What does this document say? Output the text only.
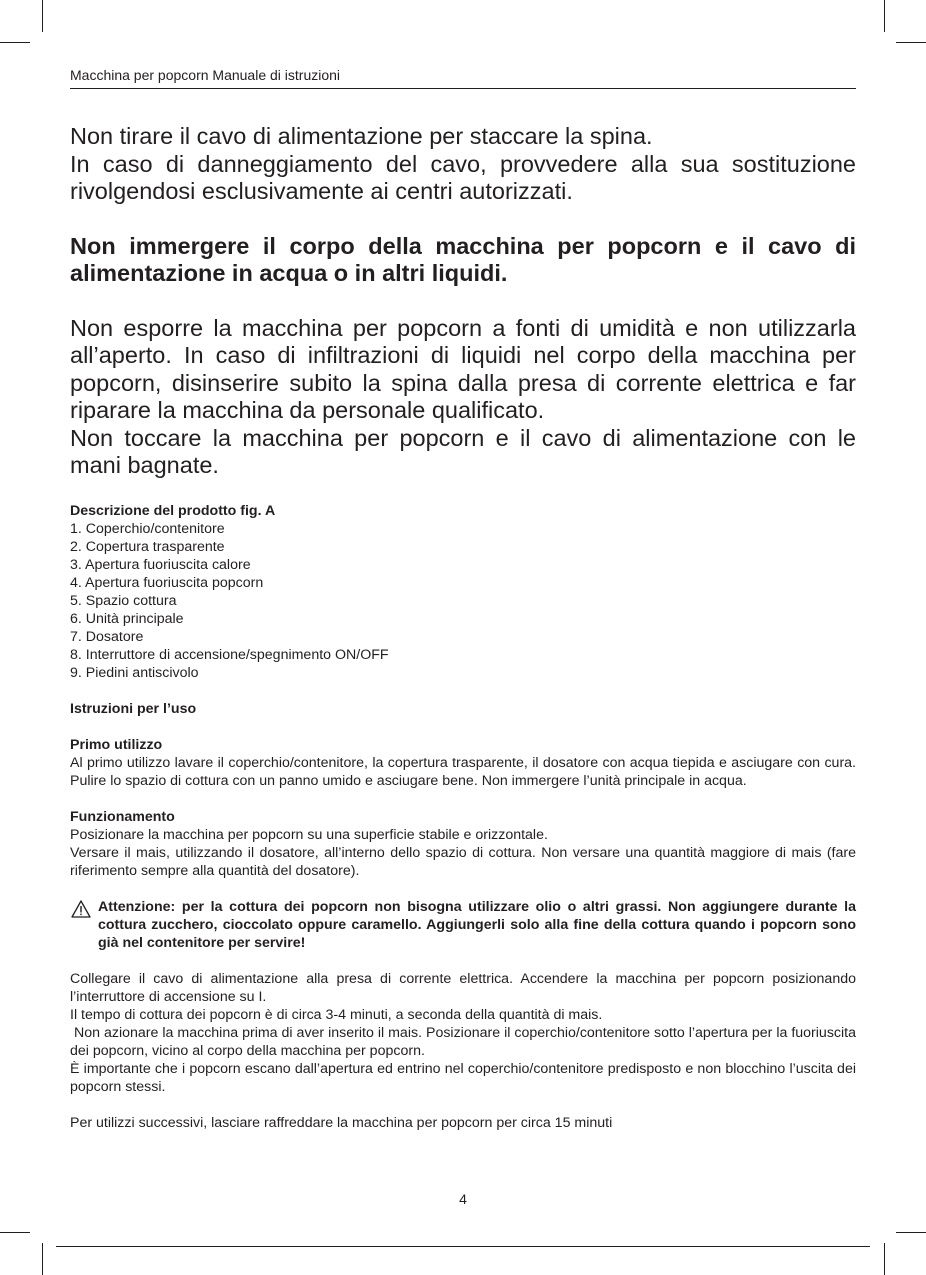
Macchina per popcorn Manuale di istruzioni

Non tirare il cavo di alimentazione per staccare la spina.

In caso di danneggiamento del cavo, provvedere alla sua sostituzione rivolgendosi esclusivamente ai centri autorizzati.

Non immergere il corpo della macchina per popcorn e il cavo di alimentazione in acqua o in altri liquidi.

Non esporre la macchina per popcorn a fonti di umidità e non utilizzarla all’aperto. In caso di infiltrazioni di liquidi nel corpo della macchina per popcorn, disinserire subito la spina dalla presa di corrente elettrica e far riparare la macchina da personale qualificato.

Non toccare la macchina per popcorn e il cavo di alimentazione con le mani bagnate.

Descrizione del prodotto fig. A

1. Coperchio/contenitore
2. Copertura trasparente
3. Apertura fuoriuscita calore
4. Apertura fuoriuscita popcorn
5. Spazio cottura
6. Unità principale
7. Dosatore
8. Interruttore di accensione/spegnimento ON/OFF
9. Piedini antiscivolo

Istruzioni per l’uso

Primo utilizzo

Al primo utilizzo lavare il coperchio/contenitore, la copertura trasparente, il dosatore con acqua tiepida e asciugare con cura. Pulire lo spazio di cottura con un panno umido e asciugare bene. Non immergere l’unità principale in acqua.

Funzionamento

Posizionare la macchina per popcorn su una superficie stabile e orizzontale.

Versare il mais, utilizzando il dosatore, all’interno dello spazio di cottura. Non versare una quantità maggiore di mais (fare riferimento sempre alla quantità del dosatore).

Attenzione: per la cottura dei popcorn non bisogna utilizzare olio o altri grassi. Non aggiungere durante la cottura zucchero, cioccolato oppure caramello. Aggiungerli solo alla fine della cottura quando i popcorn sono già nel contenitore per servire!

Collegare il cavo di alimentazione alla presa di corrente elettrica. Accendere la macchina per popcorn posizionando l’interruttore di accensione su I.

Il tempo di cottura dei popcorn è di circa 3-4 minuti, a seconda della quantità di mais.

Non azionare la macchina prima di aver inserito il mais. Posizionare il coperchio/contenitore sotto l’apertura per la fuoriuscita dei popcorn, vicino al corpo della macchina per popcorn.

È importante che i popcorn escano dall’apertura ed entrino nel coperchio/contenitore predisposto e non blocchino l’uscita dei popcorn stessi.

Per utilizzi successivi, lasciare raffreddare la macchina per popcorn per circa 15 minuti

4
